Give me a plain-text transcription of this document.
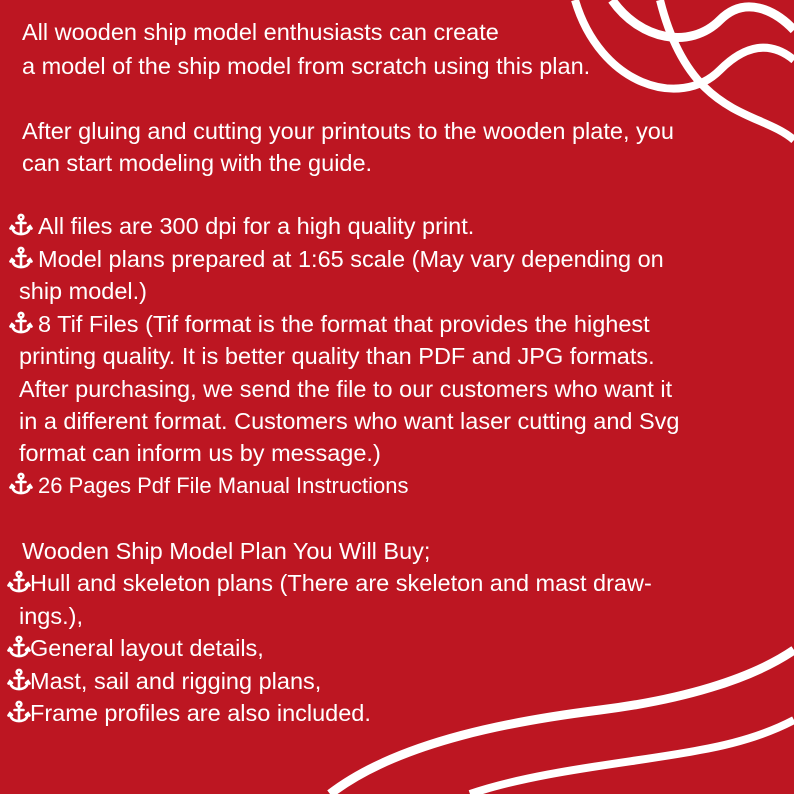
All wooden ship model enthusiasts can create

a model of the ship model from scratch using this plan.

After gluing and cutting your printouts to the wooden plate, you

can start modeling with the guide.

All files are 300 dpi for a high quality print.

Model plans prepared at 1:65 scale (May vary depending on

ship model.)

8 Tif Files (Tif format is the format that provides the highest

printing quality. It is better quality than PDF and JPG formats.

After purchasing, we send the file to our customers who want it

in a different format. Customers who want laser cutting and Svg

format can inform us by message.)

26 Pages Pdf File Manual Instructions

Wooden Ship Model Plan You Will Buy;

Hull and skeleton plans (There are skeleton and mast draw-

ings.),

General layout details,

Mast, sail and rigging plans,

Frame profiles are also included.
